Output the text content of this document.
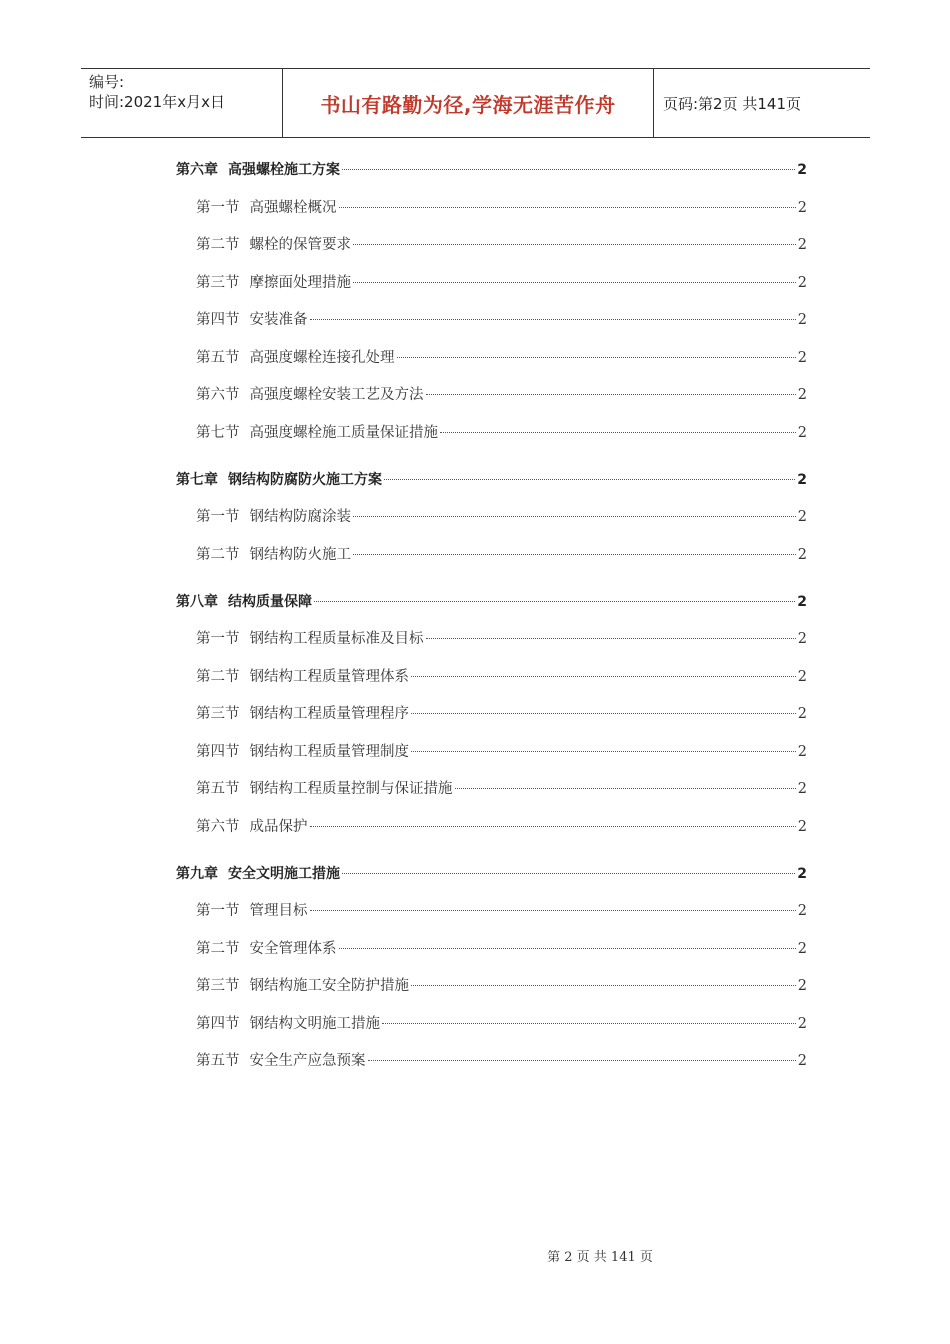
编号:
时间:2021年x月x日	书山有路勤为径,学海无涯苦作舟	页码:第2页 共141页
第六章 高强螺栓施工方案	2
第一节 高强螺栓概况	2
第二节 螺栓的保管要求	2
第三节 摩擦面处理措施	2
第四节 安装准备	2
第五节 高强度螺栓连接孔处理	2
第六节 高强度螺栓安装工艺及方法	2
第七节 高强度螺栓施工质量保证措施	2
第七章 钢结构防腐防火施工方案	2
第一节 钢结构防腐涂装	2
第二节 钢结构防火施工	2
第八章 结构质量保障	2
第一节 钢结构工程质量标准及目标	2
第二节 钢结构工程质量管理体系	2
第三节 钢结构工程质量管理程序	2
第四节 钢结构工程质量管理制度	2
第五节 钢结构工程质量控制与保证措施	2
第六节 成品保护	2
第九章 安全文明施工措施	2
第一节 管理目标	2
第二节 安全管理体系	2
第三节 钢结构施工安全防护措施	2
第四节 钢结构文明施工措施	2
第五节 安全生产应急预案	2
第 2 页 共 141 页
